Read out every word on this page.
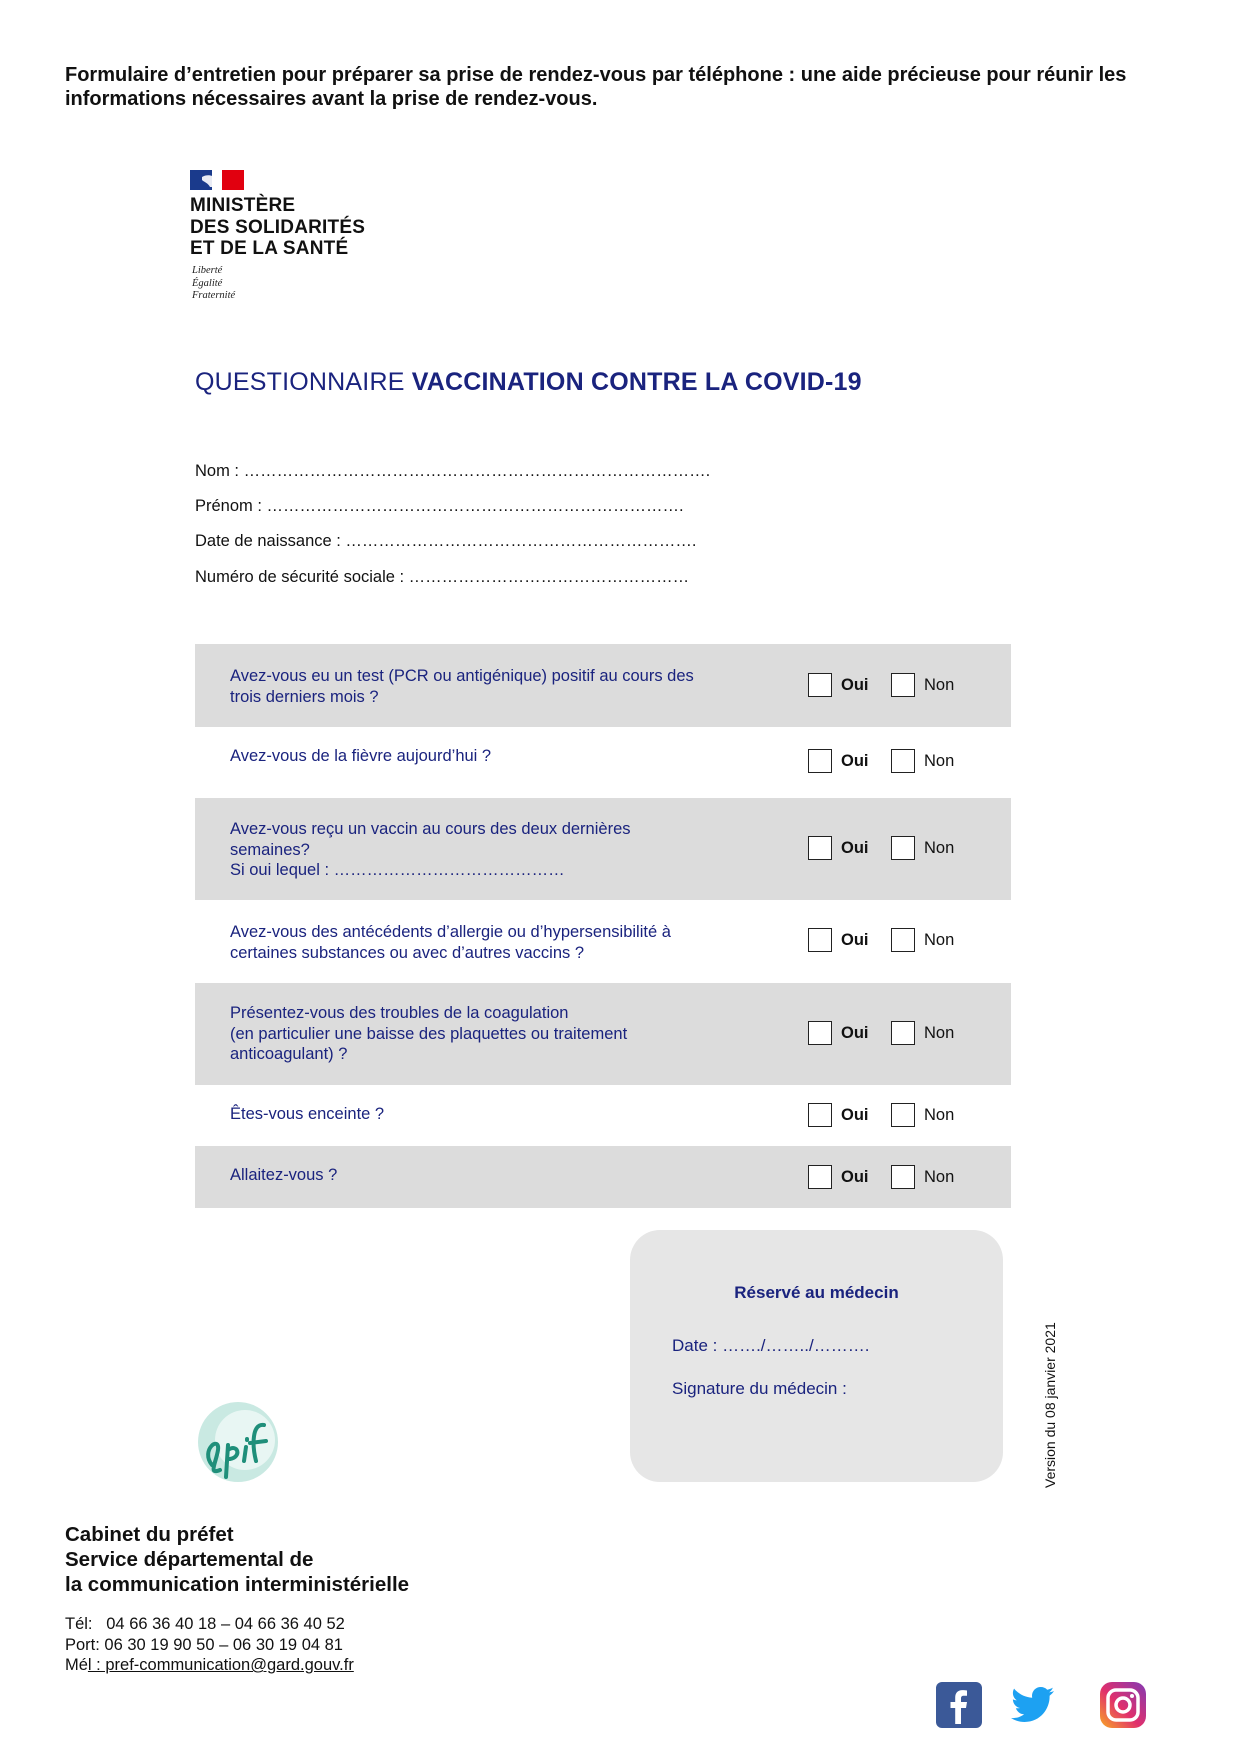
Formulaire d’entretien pour préparer sa prise de rendez-vous par téléphone : une aide précieuse pour réunir les informations nécessaires avant la prise de rendez-vous.
MINISTÈRE
DES SOLIDARITÉS
ET DE LA SANTÉ
Liberté
Égalité
Fraternité
QUESTIONNAIRE VACCINATION CONTRE LA COVID-19
Nom : ………………………………………………………………………….
Prénom : ………………………………………………………………….
Date de naissance : ……………………………………………………….
Numéro de sécurité sociale : ……………………………………………
Avez-vous eu un test (PCR ou antigénique) positif au cours des
trois derniers mois ?
Oui	Non
Avez-vous de la fièvre aujourd’hui ?	Oui	Non
Avez-vous reçu un vaccin au cours des deux dernières
semaines?
Si oui lequel : ……………………………………
Oui	Non
Avez-vous des antécédents d’allergie ou d’hypersensibilité à
certaines substances ou avec d’autres vaccins ?
Oui	Non
Présentez-vous des troubles de la coagulation
(en particulier une baisse des plaquettes ou traitement
anticoagulant) ?
Oui	Non
Êtes-vous enceinte ?	Oui	Non
Allaitez-vous ?	Oui	Non
Réservé au médecin
Date : ……./……../……….
Signature du médecin :	Version du 08 janvier 2021
Cabinet du préfet
Service départemental de
la communication interministérielle
Tél:   04 66 36 40 18 – 04 66 36 40 52
Port: 06 30 19 90 50 – 06 30 19 04 81
Mél : pref-communication@gard.gouv.fr
